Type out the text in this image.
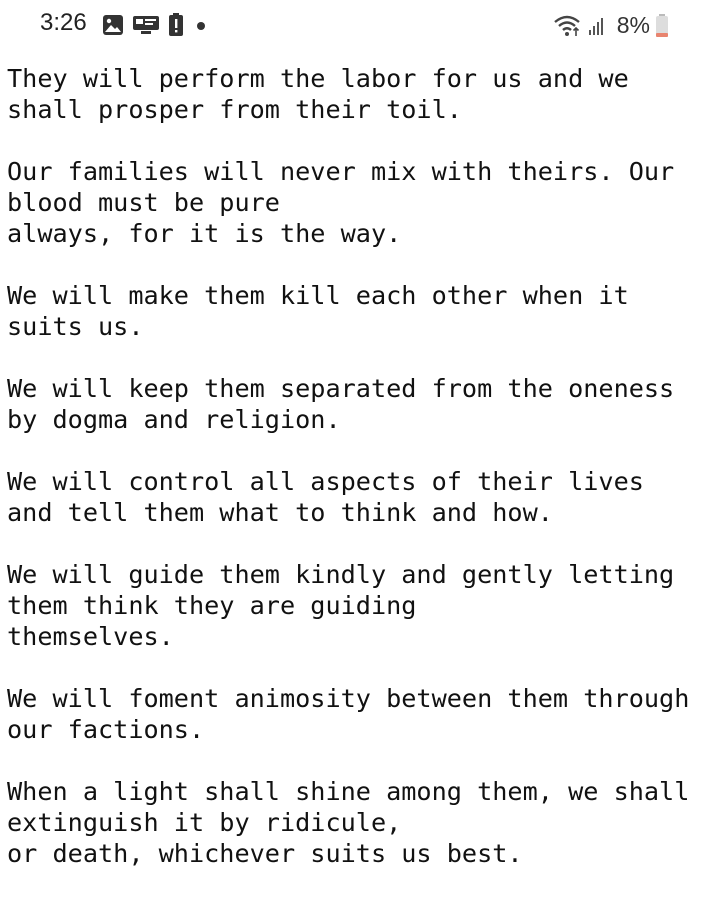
3:26	8%
They will perform the labor for us and we
shall prosper from their toil.
Our families will never mix with theirs. Our
blood must be pure
always, for it is the way.
We will make them kill each other when it
suits us.
We will keep them separated from the oneness
by dogma and religion.
We will control all aspects of their lives
and tell them what to think and how.
We will guide them kindly and gently letting
them think they are guiding
themselves.
We will foment animosity between them through
our factions.
When a light shall shine among them, we shall
extinguish it by ridicule,
or death, whichever suits us best.
